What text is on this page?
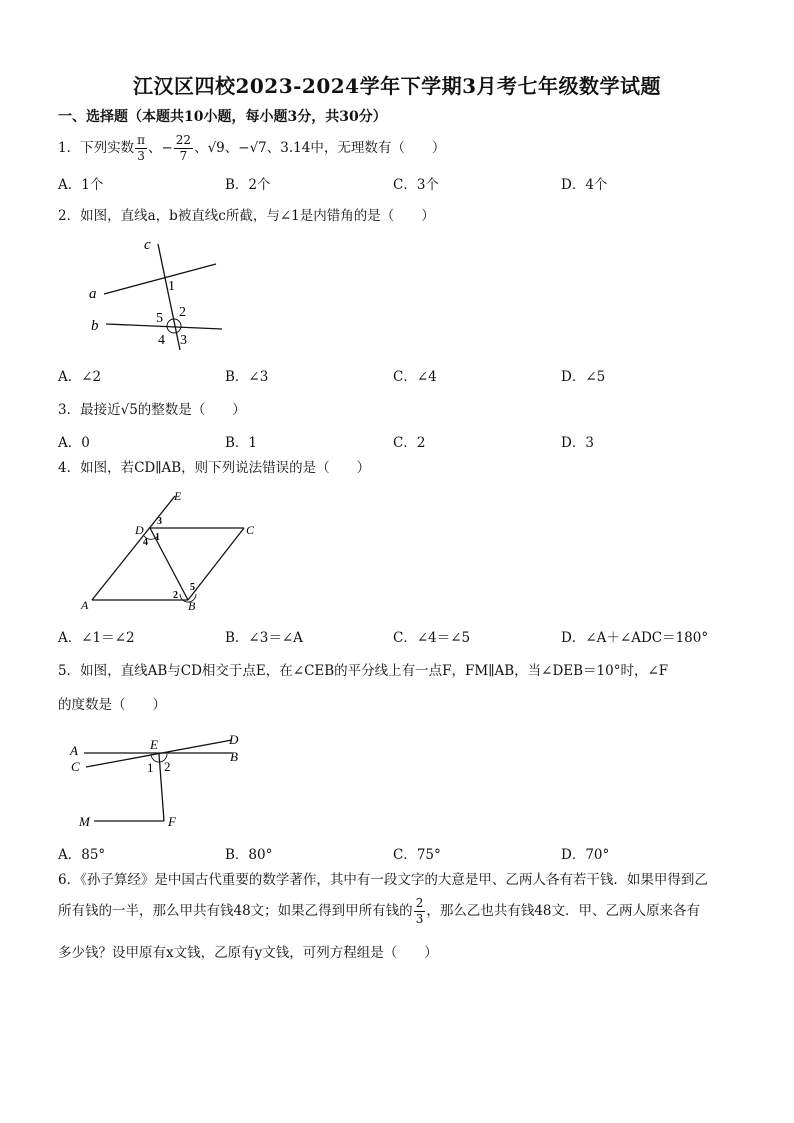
江汉区四校2023-2024学年下学期3月考七年级数学试题
一、选择题（本题共10小题，每小题3分，共30分）
1．下列实数 $\frac{\pi}{3}$ 、− $\frac{22}{7}$ 、√9、−√7、3.14中，无理数有（　　）
A．1个	B．2个	C．3个	D．4个
2．如图，直线a，b被直线c所截，与∠1是内错角的是（　　）
c
a
b
1
2
3
4
5
A．∠2	B．∠3	C．∠4	D．∠5
3．最接近√5的整数是（　　）
A．0	B．1	C．2	D．3
4．如图，若CD∥AB，则下列说法错误的是（　　）
E
D	C
A	B
1
2
3
4
5
A．∠1＝∠2	B．∠3＝∠A	C．∠4＝∠5	D．∠A＋∠ADC＝180°
5．如图，直线AB与CD相交于点E，在∠CEB的平分线上有一点F，FM∥AB，当∠DEB＝10°时，∠F
的度数是（　　）
A
C
E	D
B
1 2
M	F
A．85°	B．80°	C．75°	D．70°
6．《孙子算经》是中国古代重要的数学著作，其中有一段文字的大意是甲、乙两人各有若干钱．如果甲得到乙
所有钱的一半，那么甲共有钱48文；如果乙得到甲所有钱的 $\frac{2}{3}$ ，那么乙也共有钱48文．甲、乙两人原来各有
多少钱？设甲原有x文钱，乙原有y文钱，可列方程组是（　　）
